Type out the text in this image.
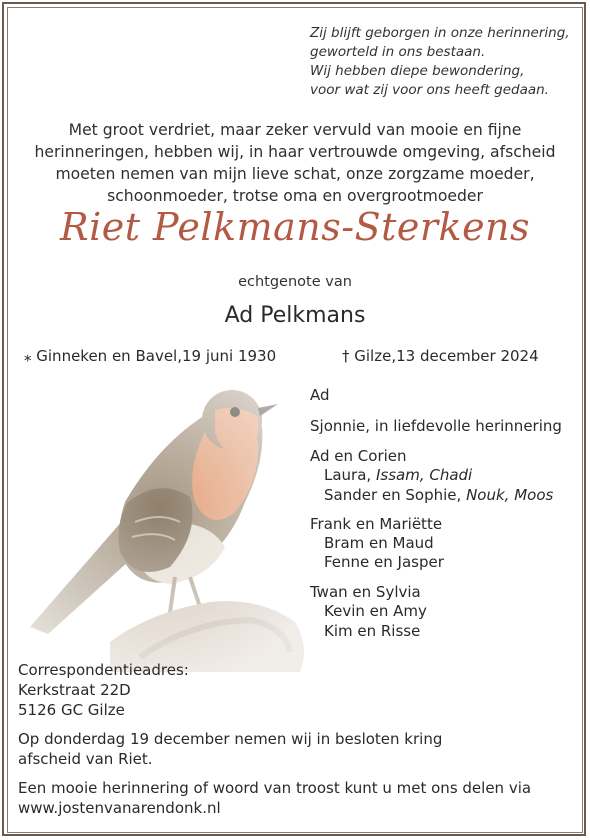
Zij blijft geborgen in onze herinnering,
geworteld in ons bestaan.
Wij hebben diepe bewondering,
voor wat zij voor ons heeft gedaan.
Met groot verdriet, maar zeker vervuld van mooie en fijne
herinneringen, hebben wij, in haar vertrouwde omgeving, afscheid
moeten nemen van mijn lieve schat, onze zorgzame moeder,
schoonmoeder, trotse oma en overgrootmoeder
Riet Pelkmans-Sterkens
echtgenote van
Ad Pelkmans
⁎ Ginneken en Bavel,19 juni 1930	† Gilze,13 december 2024
Ad
Sjonnie, in liefdevolle herinnering
Ad en Corien
Laura, Issam, Chadi
Sander en Sophie, Nouk, Moos
Frank en Mariëtte
Bram en Maud
Fenne en Jasper
Twan en Sylvia
Kevin en Amy
Kim en Risse
Correspondentieadres:
Kerkstraat 22D
5126 GC Gilze
Op donderdag 19 december nemen wij in besloten kring
afscheid van Riet.
Een mooie herinnering of woord van troost kunt u met ons delen via
www.jostenvanarendonk.nl
